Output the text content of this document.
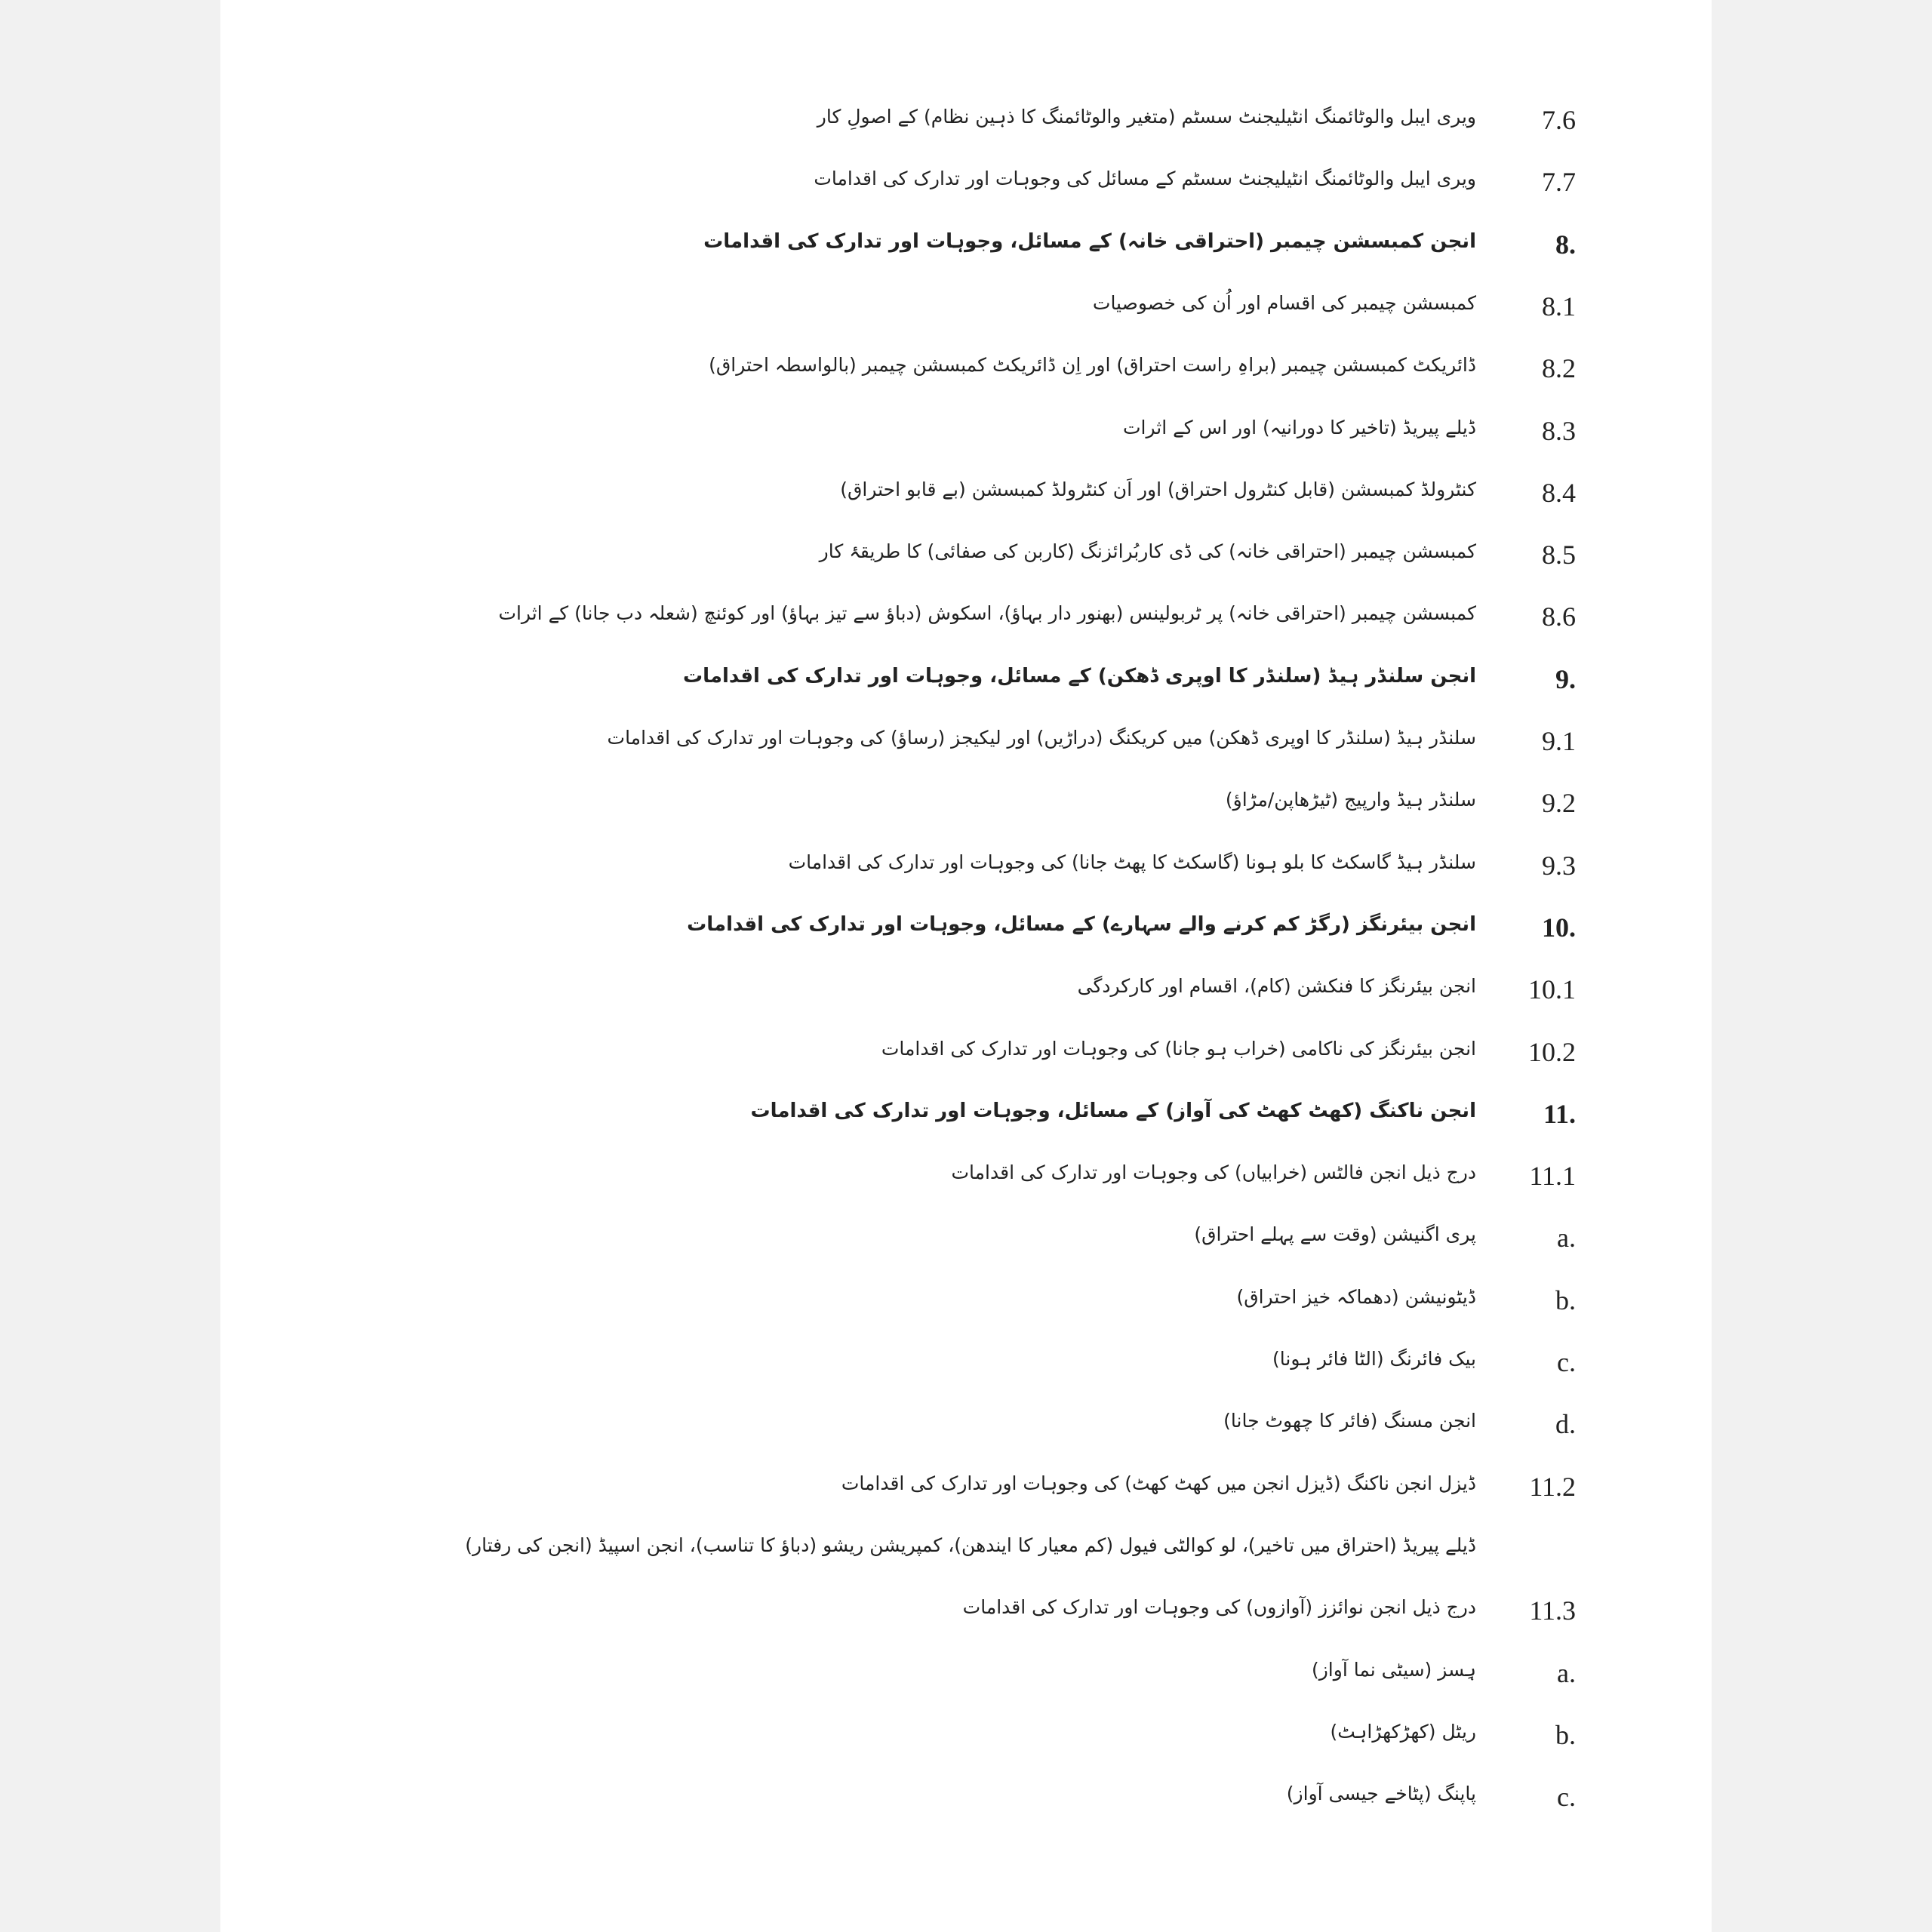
7.6
ویری ایبل والوٹائمنگ انٹیلیجنٹ سسٹم (متغیر والوٹائمنگ کا ذہین نظام) کے اصولِ کار
7.7
ویری ایبل والوٹائمنگ انٹیلیجنٹ سسٹم کے مسائل کی وجوہات اور تدارک کی اقدامات
8.
انجن کمبسشن چیمبر (احتراقی خانہ) کے مسائل، وجوہات اور تدارک کی اقدامات
8.1
کمبسشن چیمبر کی اقسام اور اُن کی خصوصیات
8.2
ڈائریکٹ کمبسشن چیمبر (براہِ راست احتراق) اور اِن ڈائریکٹ کمبسشن چیمبر (بالواسطہ احتراق)
8.3
ڈیلے پیریڈ (تاخیر کا دورانیہ) اور اس کے اثرات
8.4
کنٹرولڈ کمبسشن (قابل کنٹرول احتراق) اور اَن کنٹرولڈ کمبسشن (بے قابو احتراق)
8.5
کمبسشن چیمبر (احتراقی خانہ) کی ڈی کاربُرائزنگ (کاربن کی صفائی) کا طریقۂ کار
8.6
کمبسشن چیمبر (احتراقی خانہ) پر ٹربولینس (بھنور دار بہاؤ)، اسکوش (دباؤ سے تیز بہاؤ) اور کوئنچ (شعلہ دب جانا) کے اثرات
9.
انجن سلنڈر ہیڈ (سلنڈر کا اوپری ڈھکن) کے مسائل، وجوہات اور تدارک کی اقدامات
9.1
سلنڈر ہیڈ (سلنڈر کا اوپری ڈھکن) میں کریکنگ (دراڑیں) اور لیکیجز (رساؤ) کی وجوہات اور تدارک کی اقدامات
9.2
سلنڈر ہیڈ وارپیج (ٹیڑھاپن/مڑاؤ)
9.3
سلنڈر ہیڈ گاسکٹ کا بلو ہونا (گاسکٹ کا پھٹ جانا) کی وجوہات اور تدارک کی اقدامات
10.
انجن بیئرنگز (رگڑ کم کرنے والے سہارے) کے مسائل، وجوہات اور تدارک کی اقدامات
10.1
انجن بیئرنگز کا فنکشن (کام)، اقسام اور کارکردگی
10.2
انجن بیئرنگز کی ناکامی (خراب ہو جانا) کی وجوہات اور تدارک کی اقدامات
11.
انجن ناکنگ (کھٹ کھٹ کی آواز) کے مسائل، وجوہات اور تدارک کی اقدامات
11.1
درج ذیل انجن فالٹس (خرابیاں) کی وجوہات اور تدارک کی اقدامات
a.
پری اگنیشن (وقت سے پہلے احتراق)
b.
ڈیٹونیشن (دھماکہ خیز احتراق)
c.
بیک فائرنگ (الٹا فائر ہونا)
d.
انجن مسنگ (فائر کا چھوٹ جانا)
11.2
ڈیزل انجن ناکنگ (ڈیزل انجن میں کھٹ کھٹ) کی وجوہات اور تدارک کی اقدامات
ڈیلے پیریڈ (احتراق میں تاخیر)، لو کوالٹی فیول (کم معیار کا ایندھن)، کمپریشن ریشو (دباؤ کا تناسب)، انجن اسپیڈ (انجن کی رفتار)
11.3
درج ذیل انجن نوائزز (آوازوں) کی وجوہات اور تدارک کی اقدامات
a.
ہِسز (سیٹی نما آواز)
b.
ریٹل (کھڑکھڑاہٹ)
c.
پاپنگ (پٹاخے جیسی آواز)
